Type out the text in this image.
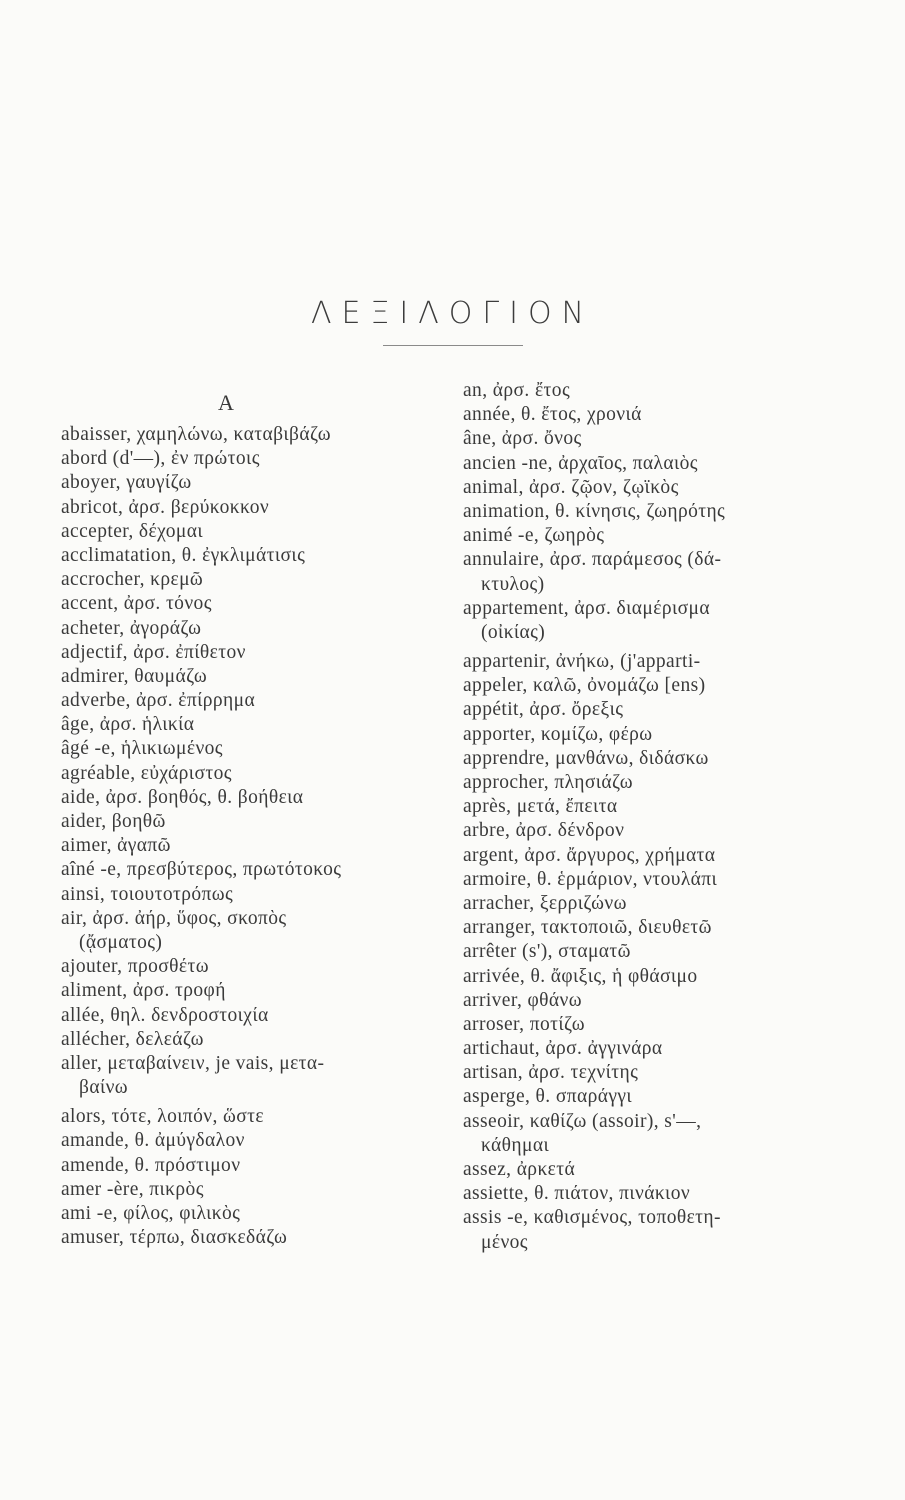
ΛΕΞΙΛΟΓΙΟΝ
A
abaisser, χαμηλώνω, καταβιβάζω
abord (d'—), ἐν πρώτοις
aboyer, γαυγίζω
abricot, ἀρσ. βερύκοκκον
accepter, δέχομαι
acclimatation, θ. ἐγκλιμάτισις
accrocher, κρεμῶ
accent, ἀρσ. τόνος
acheter, ἀγοράζω
adjectif, ἀρσ. ἐπίθετον
admirer, θαυμάζω
adverbe, ἀρσ. ἐπίρρημα
âge, ἀρσ. ἡλικία
âgé -e, ἡλικιωμένος
agréable, εὐχάριστος
aide, ἀρσ. βοηθός, θ. βοήθεια
aider, βοηθῶ
aimer, ἀγαπῶ
aîné -e, πρεσβύτερος, πρωτότοκος
ainsi, τοιουτοτρόπως
air, ἀρσ. ἀήρ, ὕφος, σκοπὸς
(ᾄσματος)
ajouter, προσθέτω
aliment, ἀρσ. τροφή
allée, θηλ. δενδροστοιχία
allécher, δελεάζω
aller, μεταβαίνειν, je vais, μετα-
βαίνω
alors, τότε, λοιπόν, ὥστε
amande, θ. ἀμύγδαλον
amende, θ. πρόστιμον
amer -ère, πικρὸς
ami -e, φίλος, φιλικὸς
amuser, τέρπω, διασκεδάζω
an, ἀρσ. ἔτος
année, θ. ἔτος, χρονιά
âne, ἀρσ. ὄνος
ancien -ne, ἀρχαῖος, παλαιὸς
animal, ἀρσ. ζῷον, ζῳϊκὸς
animation, θ. κίνησις, ζωηρότης
animé -e, ζωηρὸς
annulaire, ἀρσ. παράμεσος (δά-
κτυλος)
appartement, ἀρσ. διαμέρισμα
(οἰκίας)
appartenir, ἀνήκω, (j'apparti-
appeler, καλῶ, ὀνομάζω [ens)
appétit, ἀρσ. ὄρεξις
apporter, κομίζω, φέρω
apprendre, μανθάνω, διδάσκω
approcher, πλησιάζω
après, μετά, ἔπειτα
arbre, ἀρσ. δένδρον
argent, ἀρσ. ἄργυρος, χρήματα
armoire, θ. ἑρμάριον, ντουλάπι
arracher, ξερριζώνω
arranger, τακτοποιῶ, διευθετῶ
arrêter (s'), σταματῶ
arrivée, θ. ἄφιξις, ἡ φθάσιμο
arriver, φθάνω
arroser, ποτίζω
artichaut, ἀρσ. ἀγγινάρα
artisan, ἀρσ. τεχνίτης
asperge, θ. σπαράγγι
asseoir, καθίζω (assoir), s'—,
κάθημαι
assez, ἀρκετά
assiette, θ. πιάτον, πινάκιον
assis -e, καθισμένος, τοποθετη-
μένος
